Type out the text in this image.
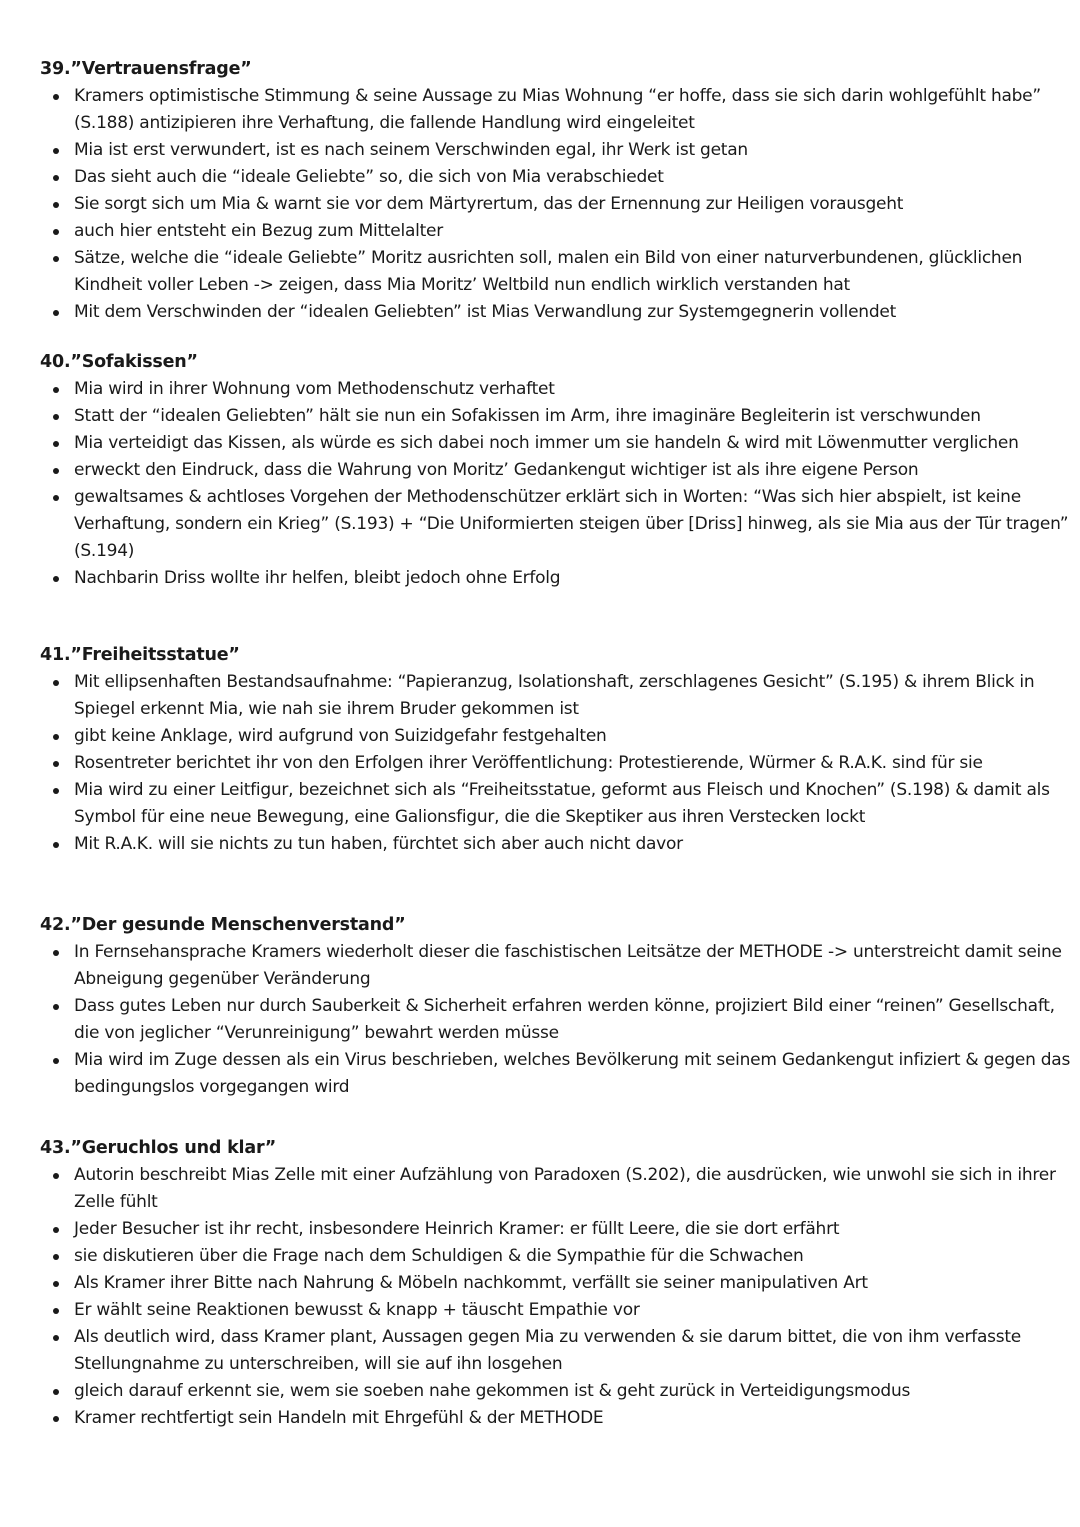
39.”Vertrauensfrage”
Kramers optimistische Stimmung & seine Aussage zu Mias Wohnung “er hoffe, dass sie sich darin wohlgefühlt habe” (S.188) antizipieren ihre Verhaftung, die fallende Handlung wird eingeleitet
Mia ist erst verwundert, ist es nach seinem Verschwinden egal, ihr Werk ist getan
Das sieht auch die “ideale Geliebte” so, die sich von Mia verabschiedet
Sie sorgt sich um Mia & warnt sie vor dem Märtyrertum, das der Ernennung zur Heiligen vorausgeht
auch hier entsteht ein Bezug zum Mittelalter
Sätze, welche die “ideale Geliebte” Moritz ausrichten soll, malen ein Bild von einer naturverbundenen, glücklichen Kindheit voller Leben -> zeigen, dass Mia Moritz’ Weltbild nun endlich wirklich verstanden hat
Mit dem Verschwinden der “idealen Geliebten” ist Mias Verwandlung zur Systemgegnerin vollendet
40.”Sofakissen”
Mia wird in ihrer Wohnung vom Methodenschutz verhaftet
Statt der “idealen Geliebten” hält sie nun ein Sofakissen im Arm, ihre imaginäre Begleiterin ist verschwunden
Mia verteidigt das Kissen, als würde es sich dabei noch immer um sie handeln & wird mit Löwenmutter verglichen
erweckt den Eindruck, dass die Wahrung von Moritz’ Gedankengut wichtiger ist als ihre eigene Person
gewaltsames & achtloses Vorgehen der Methodenschützer erklärt sich in Worten: “Was sich hier abspielt, ist keine Verhaftung, sondern ein Krieg” (S.193) + “Die Uniformierten steigen über [Driss] hinweg, als sie Mia aus der Tür tragen” (S.194)
Nachbarin Driss wollte ihr helfen, bleibt jedoch ohne Erfolg
41.”Freiheitsstatue”
Mit ellipsenhaften Bestandsaufnahme: “Papieranzug, Isolationshaft, zerschlagenes Gesicht” (S.195) & ihrem Blick in Spiegel erkennt Mia, wie nah sie ihrem Bruder gekommen ist
gibt keine Anklage, wird aufgrund von Suizidgefahr festgehalten
Rosentreter berichtet ihr von den Erfolgen ihrer Veröffentlichung: Protestierende, Würmer & R.A.K. sind für sie
Mia wird zu einer Leitfigur, bezeichnet sich als “Freiheitsstatue, geformt aus Fleisch und Knochen” (S.198) & damit als Symbol für eine neue Bewegung, eine Galionsfigur, die die Skeptiker aus ihren Verstecken lockt
Mit R.A.K. will sie nichts zu tun haben, fürchtet sich aber auch nicht davor
42.”Der gesunde Menschenverstand”
In Fernsehansprache Kramers wiederholt dieser die faschistischen Leitsätze der METHODE -> unterstreicht damit seine Abneigung gegenüber Veränderung
Dass gutes Leben nur durch Sauberkeit & Sicherheit erfahren werden könne, projiziert Bild einer “reinen” Gesellschaft, die von jeglicher “Verunreinigung” bewahrt werden müsse
Mia wird im Zuge dessen als ein Virus beschrieben, welches Bevölkerung mit seinem Gedankengut infiziert & gegen das bedingungslos vorgegangen wird
43.”Geruchlos und klar”
Autorin beschreibt Mias Zelle mit einer Aufzählung von Paradoxen (S.202), die ausdrücken, wie unwohl sie sich in ihrer Zelle fühlt
Jeder Besucher ist ihr recht, insbesondere Heinrich Kramer: er füllt Leere, die sie dort erfährt
sie diskutieren über die Frage nach dem Schuldigen & die Sympathie für die Schwachen
Als Kramer ihrer Bitte nach Nahrung & Möbeln nachkommt, verfällt sie seiner manipulativen Art
Er wählt seine Reaktionen bewusst & knapp + täuscht Empathie vor
Als deutlich wird, dass Kramer plant, Aussagen gegen Mia zu verwenden & sie darum bittet, die von ihm verfasste Stellungnahme zu unterschreiben, will sie auf ihn losgehen
gleich darauf erkennt sie, wem sie soeben nahe gekommen ist & geht zurück in Verteidigungsmodus
Kramer rechtfertigt sein Handeln mit Ehrgefühl & der METHODE
